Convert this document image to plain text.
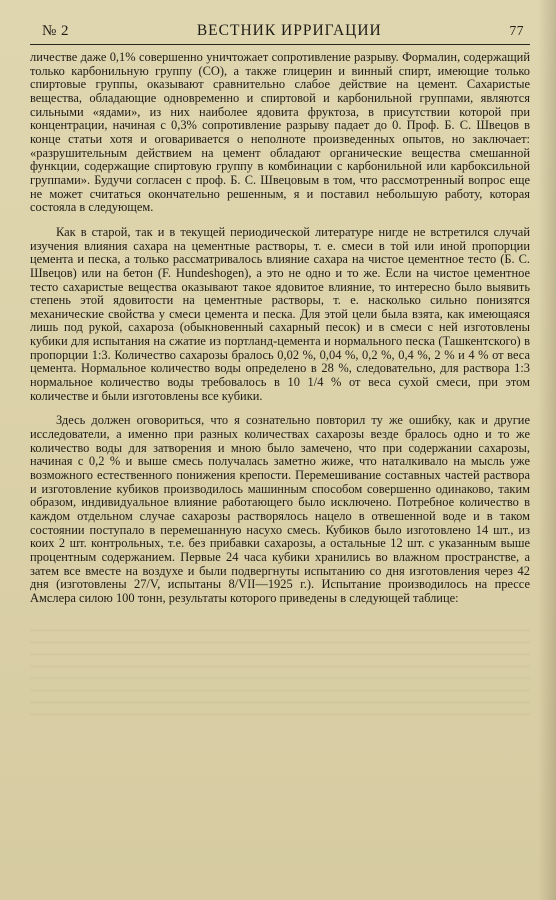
№ 2	ВЕСТНИК ИРРИГАЦИИ	77

личестве даже 0,1% совершенно уничтожает сопротивление разрыву. Формалин, содержащий только карбонильную группу (СО), а также глицерин и винный спирт, имеющие только спиртовые группы, оказывают сравнительно слабое действие на цемент. Сахаристые вещества, обладающие одновременно и спиртовой и карбонильной группами, являются сильными «ядами», из них наиболее ядовита фруктоза, в присутствии которой при концентрации, начиная с 0,3% сопротивление разрыву падает до 0. Проф. Б. С. Швецов в конце статьи хотя и оговаривается о неполноте произведенных опытов, но заключает: «разрушительным действием на цемент обладают органические вещества смешанной функции, содержащие спиртовую группу в комбинации с карбонильной или карбоксильной группами». Будучи согласен с проф. Б. С. Швецовым в том, что рассмотренный вопрос еще не может считаться окончательно решенным, я и поставил небольшую работу, которая состояла в следующем.

Как в старой, так и в текущей периодической литературе нигде не встретился случай изучения влияния сахара на цементные растворы, т. е. смеси в той или иной пропорции цемента и песка, а только рассматривалось влияние сахара на чистое цементное тесто (Б. С. Швецов) или на бетон (F. Hundeshogen), а это не одно и то же. Если на чистое цементное тесто сахаристые вещества оказывают такое ядовитое влияние, то интересно было выявить степень этой ядовитости на цементные растворы, т. е. насколько сильно понизятся механические свойства у смеси цемента и песка. Для этой цели была взята, как имеющаяся лишь под рукой, сахароза (обыкновенный сахарный песок) и в смеси с ней изготовлены кубики для испытания на сжатие из портланд-цемента и нормального песка (Ташкентского) в пропорции 1:3. Количество сахарозы бралось 0,02 %, 0,04 %, 0,2 %, 0,4 %, 2 % и 4 % от веса цемента. Нормальное количество воды определено в 28 %, следовательно, для раствора 1:3 нормальное количество воды требовалось в 10 1/4 % от веса сухой смеси, при этом количестве и были изготовлены все кубики.

Здесь должен оговориться, что я сознательно повторил ту же ошибку, как и другие исследователи, а именно при разных количествах сахарозы везде бралось одно и то же количество воды для затворения и мною было замечено, что при содержании сахарозы, начиная с 0,2 % и выше смесь получалась заметно жиже, что наталкивало на мысль уже возможного естественного понижения крепости. Перемешивание составных частей раствора и изготовление кубиков производилось машинным способом совершенно одинаково, таким образом, индивидуальное влияние работающего было исключено. Потребное количество в каждом отдельном случае сахарозы растворялось нацело в отвешенной воде и в таком состоянии поступало в перемешанную насухо смесь. Кубиков было изготовлено 14 шт., из коих 2 шт. контрольных, т.е. без прибавки сахарозы, а остальные 12 шт. с указанным выше процентным содержанием. Первые 24 часа кубики хранились во влажном пространстве, а затем все вместе на воздухе и были подвергнуты испытанию со дня изготовления через 42 дня (изготовлены 27/V, испытаны 8/VII—1925 г.). Испытание производилось на прессе Амслера силою 100 тонн, результаты которого приведены в следующей таблице:
